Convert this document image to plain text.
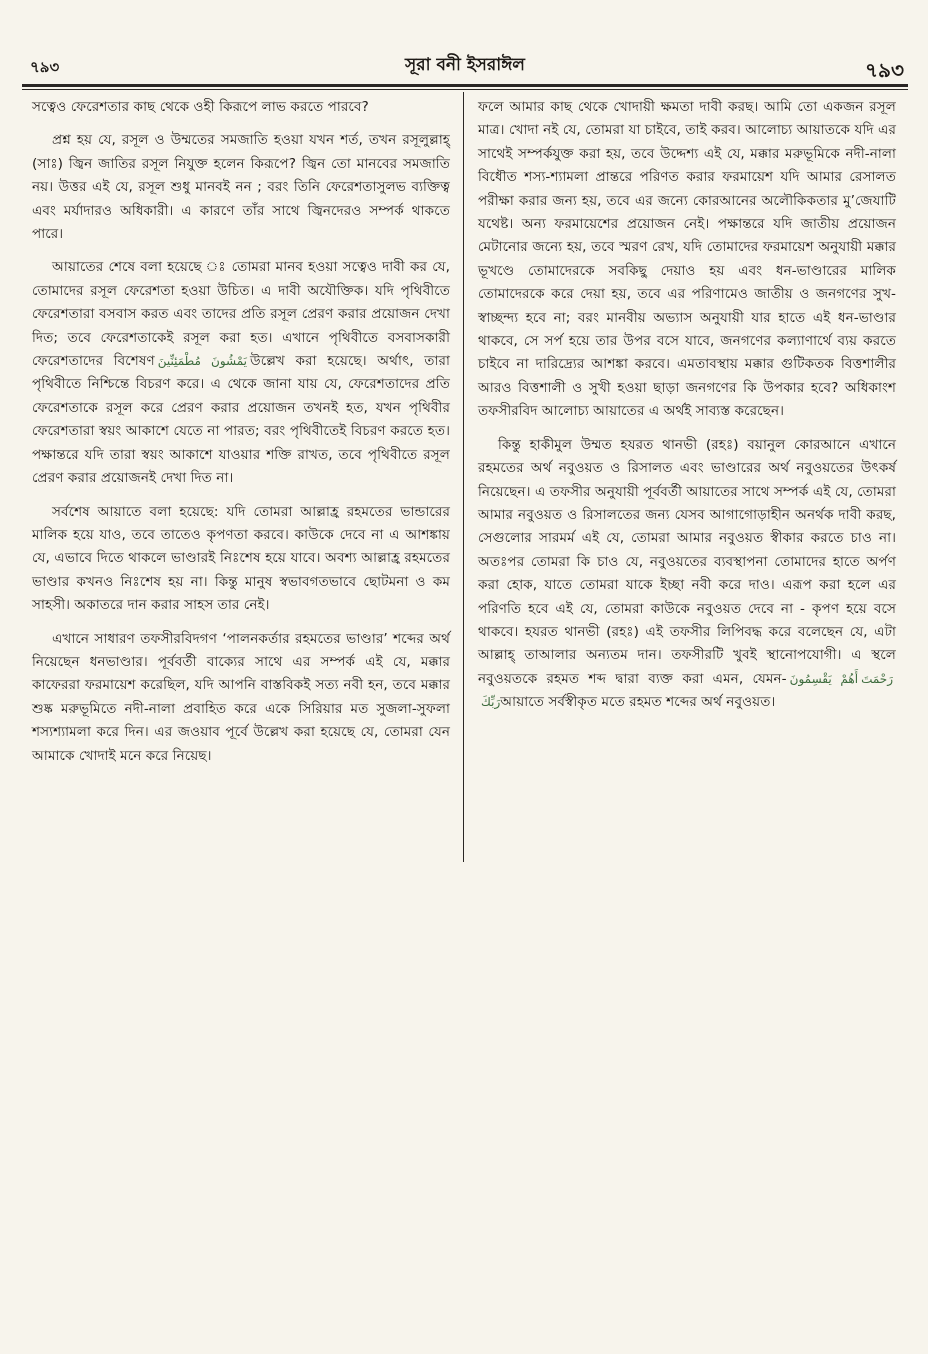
৭৯৩	সূরা বনী ইসরাঈল	৭৯৩

সত্বেও ফেরেশতার কাছ থেকে ওহী কিরূপে লাভ করতে পারবে?

প্রশ্ন হয় যে, রসূল ও উম্মতের সমজাতি হওয়া যখন শর্ত, তখন রসূলুল্লাহ্ (সাঃ) জ্বিন জাতির রসূল নিযুক্ত হলেন কিরূপে? জ্বিন তো মানবের সমজাতি নয়। উত্তর এই যে, রসূল শুধু মানবই নন ; বরং তিনি ফেরেশতাসুলভ ব্যক্তিত্ব এবং মর্যাদারও অধিকারী। এ কারণে তাঁর সাথে জ্বিনদেরও সম্পর্ক থাকতে পারে।

আয়াতের শেষে বলা হয়েছে ঃ তোমরা মানব হওয়া সত্বেও দাবী কর যে, তোমাদের রসূল ফেরেশতা হওয়া উচিত। এ দাবী অযৌক্তিক। যদি পৃথিবীতে ফেরেশতারা বসবাস করত এবং তাদের প্রতি রসূল প্রেরণ করার প্রয়োজন দেখা দিত; তবে ফেরেশতাকেই রসূল করা হত। এখানে পৃথিবীতে বসবাসকারী ফেরেশতাদের বিশেষণ يَمْشُونَ مُطْمَئِنِّينَ উল্লেখ করা হয়েছে। অর্থাৎ, তারা পৃথিবীতে নিশ্চিন্তে বিচরণ করে। এ থেকে জানা যায় যে, ফেরেশতাদের প্রতি ফেরেশতাকে রসূল করে প্রেরণ করার প্রয়োজন তখনই হত, যখন পৃথিবীর ফেরেশতারা স্বয়ং আকাশে যেতে না পারত; বরং পৃথিবীতেই বিচরণ করতে হত। পক্ষান্তরে যদি তারা স্বয়ং আকাশে যাওয়ার শক্তি রাখত, তবে পৃথিবীতে রসূল প্রেরণ করার প্রয়োজনই দেখা দিত না।

সর্বশেষ আয়াতে বলা হয়েছে: যদি তোমরা আল্লাহ্র রহমতের ভান্ডারের মালিক হয়ে যাও, তবে তাতেও কৃপণতা করবে। কাউকে দেবে না এ আশঙ্কায় যে, এভাবে দিতে থাকলে ভাণ্ডারই নিঃশেষ হয়ে যাবে। অবশ্য আল্লাহ্র রহমতের ভাণ্ডার কখনও নিঃশেষ হয় না। কিন্তু মানুষ স্বভাবগতভাবে ছোটমনা ও কম সাহসী। অকাতরে দান করার সাহস তার নেই।

এখানে সাধারণ তফসীরবিদগণ ‘পালনকর্তার রহমতের ভাণ্ডার’ শব্দের অর্থ নিয়েছেন ধনভাণ্ডার। পূর্ববর্তী বাক্যের সাথে এর সম্পর্ক এই যে, মক্কার কাফেররা ফরমায়েশ করেছিল, যদি আপনি বাস্তবিকই সত্য নবী হন, তবে মক্কার শুষ্ক মরুভূমিতে নদী-নালা প্রবাহিত করে একে সিরিয়ার মত সুজলা-সুফলা শস্যশ্যামলা করে দিন। এর জওয়াব পূর্বে উল্লেখ করা হয়েছে যে, তোমরা যেন আমাকে খোদাই মনে করে নিয়েছ।

ফলে আমার কাছ থেকে খোদায়ী ক্ষমতা দাবী করছ। আমি তো একজন রসূল মাত্র। খোদা নই যে, তোমরা যা চাইবে, তাই করব। আলোচ্য আয়াতকে যদি এর সাথেই সম্পর্কযুক্ত করা হয়, তবে উদ্দেশ্য এই যে, মক্কার মরুভূমিকে নদী-নালা বিধৌত শস্য-শ্যামলা প্রান্তরে পরিণত করার ফরমায়েশ যদি আমার রেসালত পরীক্ষা করার জন্য হয়, তবে এর জন্যে কোরআনের অলৌকিকতার মু’জেযাটি যথেষ্ট। অন্য ফরমায়েশের প্রয়োজন নেই। পক্ষান্তরে যদি জাতীয় প্রয়োজন মেটানোর জন্যে হয়, তবে স্মরণ রেখ, যদি তোমাদের ফরমায়েশ অনুযায়ী মক্কার ভূখণ্ডে তোমাদেরকে সবকিছু দেয়াও হয় এবং ধন-ভাণ্ডারের মালিক তোমাদেরকে করে দেয়া হয়, তবে এর পরিণামেও জাতীয় ও জনগণের সুখ-স্বাচ্ছন্দ্য হবে না; বরং মানবীয় অভ্যাস অনুযায়ী যার হাতে এই ধন-ভাণ্ডার থাকবে, সে সর্প হয়ে তার উপর বসে যাবে, জনগণের কল্যাণার্থে ব্যয় করতে চাইবে না দারিদ্র্যের আশঙ্কা করবে। এমতাবস্থায় মক্কার গুটিকতক বিত্তশালীর আরও বিত্তশালী ও সুখী হওয়া ছাড়া জনগণের কি উপকার হবে? অধিকাংশ তফসীরবিদ আলোচ্য আয়াতের এ অর্থই সাব্যস্ত করেছেন।

কিন্তু হাকীমুল উম্মত হযরত থানভী (রহঃ) বয়ানুল কোরআনে এখানে রহমতের অর্থ নবুওয়ত ও রিসালত এবং ভাণ্ডারের অর্থ নবুওয়তের উৎকর্ষ নিয়েছেন। এ তফসীর অনুযায়ী পূর্ববর্তী আয়াতের সাথে সম্পর্ক এই যে, তোমরা আমার নবুওয়ত ও রিসালতের জন্য যেসব আগাগোড়াহীন অনর্থক দাবী করছ, সেগুলোর সারমর্ম এই যে, তোমরা আমার নবুওয়ত স্বীকার করতে চাও না। অতঃপর তোমরা কি চাও যে, নবুওয়তের ব্যবস্থাপনা তোমাদের হাতে অর্পণ করা হোক, যাতে তোমরা যাকে ইচ্ছা নবী করে দাও। এরূপ করা হলে এর পরিণতি হবে এই যে, তোমরা কাউকে নবুওয়ত দেবে না - কৃপণ হয়ে বসে থাকবে। হযরত থানভী (রহঃ) এই তফসীর লিপিবদ্ধ করে বলেছেন যে, এটা আল্লাহ্ তাআলার অন্যতম দান। তফসীরটি খুবই স্থানোপযোগী। এ স্থলে নবুওয়তকে রহমত শব্দ দ্বারা ব্যক্ত করা এমন, যেমন- أَهُمْ يَقْسِمُونَ رَحْمَتَ رَبِّكَআয়াতে সর্বস্বীকৃত মতে রহমত শব্দের অর্থ নবুওয়ত।
